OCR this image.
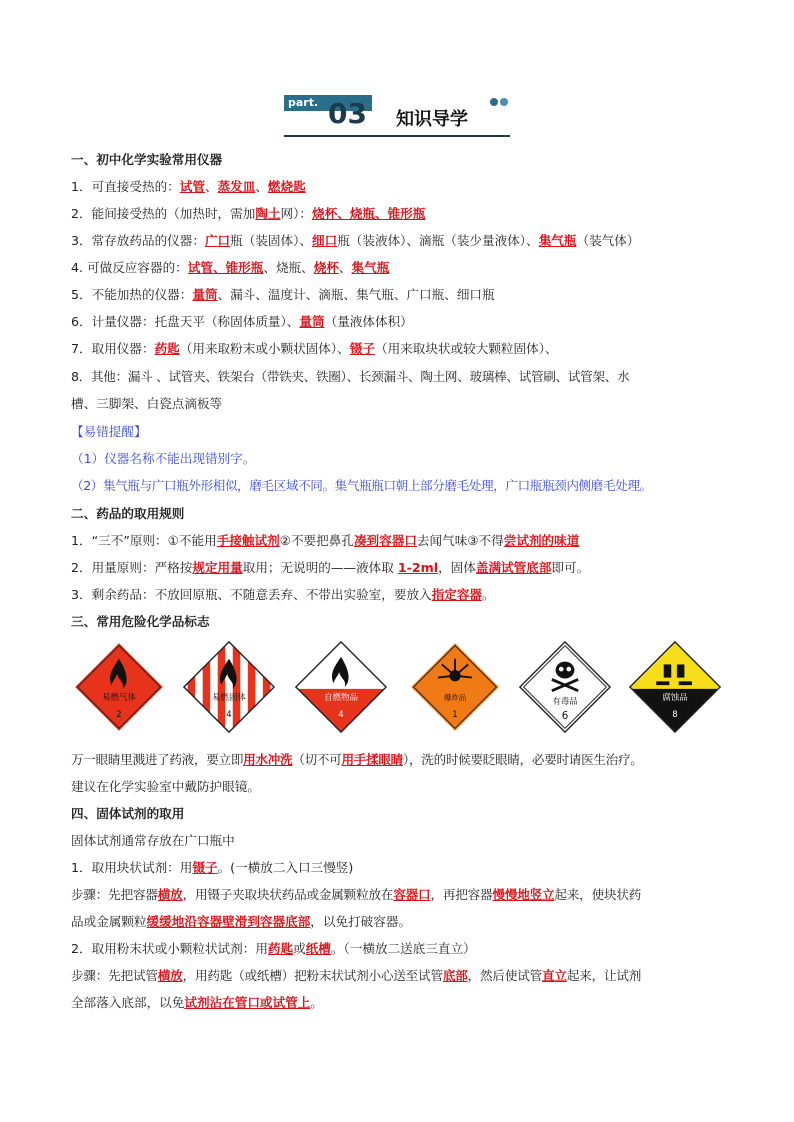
part. 03 知识导学
一、初中化学实验常用仪器
1．可直接受热的：试管、蒸发皿、燃烧匙
2．能间接受热的（加热时，需加陶土网）：烧杯、烧瓶、锥形瓶
3．常存放药品的仪器：广口瓶（装固体）、细口瓶（装液体）、滴瓶（装少量液体）、集气瓶（装气体）
4. 可做反应容器的：试管、锥形瓶、烧瓶、烧杯、集气瓶
5．不能加热的仪器：量筒、漏斗、温度计、滴瓶、集气瓶、广口瓶、细口瓶
6．计量仪器：托盘天平（称固体质量）、量筒（量液体体积）
7．取用仪器：药匙（用来取粉末或小颗状固体）、镊子（用来取块状或较大颗粒固体）、
8．其他：漏斗 、试管夹、铁架台（带铁夹、铁圈）、长颈漏斗、陶土网、玻璃棒、试管刷、试管架、水
槽、三脚架、白瓷点滴板等
【易错提醒】
（1）仪器名称不能出现错别字。
（2）集气瓶与广口瓶外形相似，磨毛区域不同。集气瓶瓶口朝上部分磨毛处理，广口瓶瓶颈内侧磨毛处理。
二、药品的取用规则
1．“三不”原则：①不能用手接触试剂②不要把鼻孔凑到容器口去闻气味③不得尝试剂的味道
2．用量原则：严格按规定用量取用；无说明的——液体取 1-2ml，固体盖满试管底部即可。
3．剩余药品：不放回原瓶、不随意丢弃、不带出实验室，要放入指定容器。
三、常用危险化学品标志
易燃气体
2
易燃固体
4
自燃物品
4
爆炸品
1
有毒品
6
腐蚀品
8
万一眼睛里溅进了药液，要立即用水冲洗（切不可用手揉眼睛），洗的时候要眨眼睛，必要时请医生治疗。
建议在化学实验室中戴防护眼镜。
四、固体试剂的取用
固体试剂通常存放在广口瓶中
1．取用块状试剂：用镊子。(一横放二入口三慢竖)
步骤：先把容器横放，用镊子夹取块状药品或金属颗粒放在容器口，再把容器慢慢地竖立起来，使块状药
品或金属颗粒缓缓地沿容器壁滑到容器底部，以免打破容器。
2．取用粉末状或小颗粒状试剂：用药匙或纸槽。（一横放二送底三直立）
步骤：先把试管横放，用药匙（或纸槽）把粉末状试剂小心送至试管底部，然后使试管直立起来，让试剂
全部落入底部，以免试剂沾在管口或试管上。
